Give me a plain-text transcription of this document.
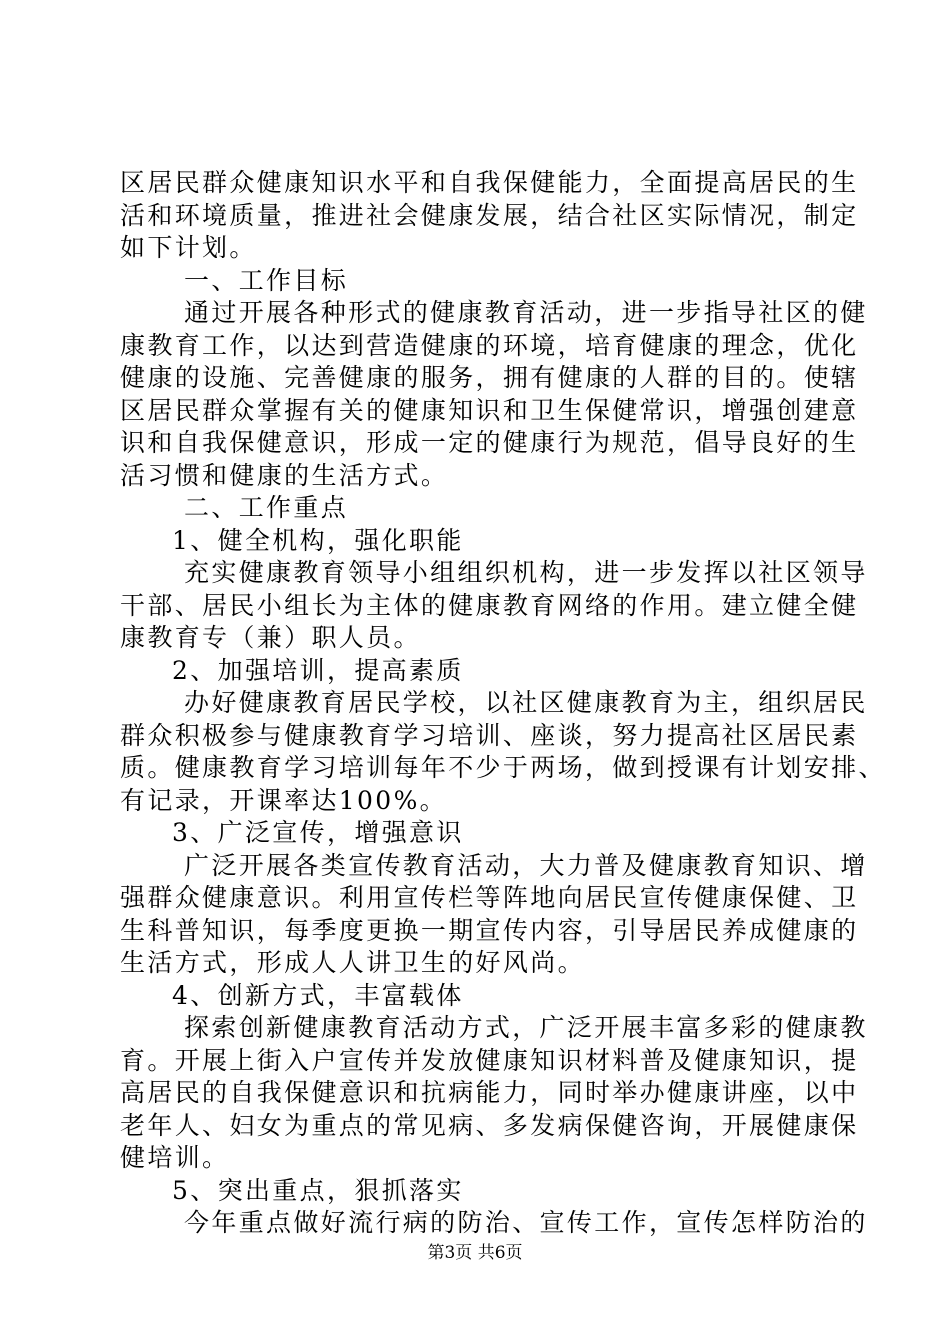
区居民群众健康知识水平和自我保健能力，全面提高居民的生
活和环境质量，推进社会健康发展，结合社区实际情况，制定
如下计划。
一、工作目标
通过开展各种形式的健康教育活动，进一步指导社区的健
康教育工作，以达到营造健康的环境，培育健康的理念，优化
健康的设施、完善健康的服务，拥有健康的人群的目的。使辖
区居民群众掌握有关的健康知识和卫生保健常识，增强创建意
识和自我保健意识，形成一定的健康行为规范，倡导良好的生
活习惯和健康的生活方式。
二、工作重点
1、健全机构，强化职能
充实健康教育领导小组组织机构，进一步发挥以社区领导
干部、居民小组长为主体的健康教育网络的作用。建立健全健
康教育专（兼）职人员。
2、加强培训，提高素质
办好健康教育居民学校，以社区健康教育为主，组织居民
群众积极参与健康教育学习培训、座谈，努力提高社区居民素
质。健康教育学习培训每年不少于两场，做到授课有计划安排、
有记录，开课率达100%。
3、广泛宣传，增强意识
广泛开展各类宣传教育活动，大力普及健康教育知识、增
强群众健康意识。利用宣传栏等阵地向居民宣传健康保健、卫
生科普知识，每季度更换一期宣传内容，引导居民养成健康的
生活方式，形成人人讲卫生的好风尚。
4、创新方式，丰富载体
探索创新健康教育活动方式，广泛开展丰富多彩的健康教
育。开展上街入户宣传并发放健康知识材料普及健康知识，提
高居民的自我保健意识和抗病能力，同时举办健康讲座，以中
老年人、妇女为重点的常见病、多发病保健咨询，开展健康保
健培训。
5、突出重点，狠抓落实
今年重点做好流行病的防治、宣传工作，宣传怎样防治的
第3页 共6页
